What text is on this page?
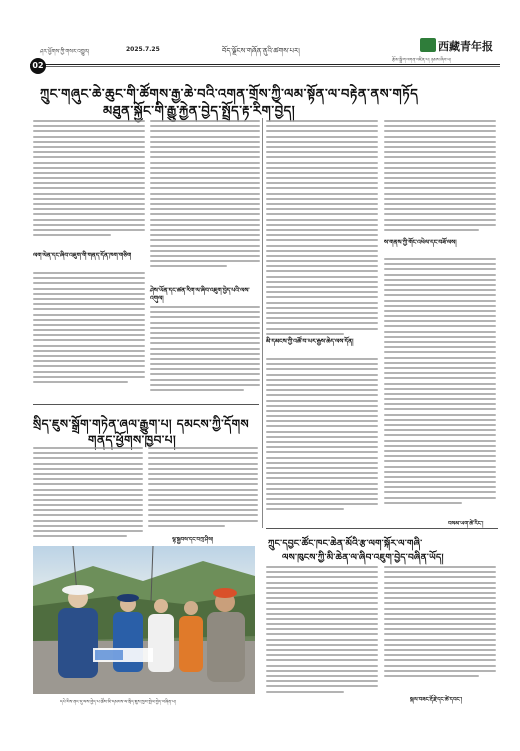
ཤར་ཕྱོགས་ཀྱི་གསར་འགྱུར།	2025.7.25	བོད་ལྗོངས་གཞོན་ནུའི་ཚགས་པར།	西藏青年报
རྩོམ་སྒྲིག་འགན་འཛིན་པ། ཉམས་ཞིབ་པ།
02
ཀྲུང་གཞུང་ཆེ་ཆུང་གི་ཚོགས་རྒྱ་ཆེ་བའི་འགན་གྲོས་ཀྱི་ལམ་སྟོན་ལ་བརྟེན་ནས་གཏོད
མཐུན་སྐྱོང་གི་རྒྱུ་རྐྱེན་བྱེད་སྤྲོད་རྟ་རིག་བྱེད།
ལག་ལེན་དང་ཞིབ་འཇུག་གི་གནད་དོན་ཁག་གཅིག
ཤེས་ཡོན་དང་ཚན་རིག་ལ་ཞིབ་འཇུག་བྱེད་པའི་ལས་འགུལ།
མི་དམངས་ཀྱི་འཚོ་བ་ཡར་རྒྱས་ཆེད་ལས་དོན།
ས་གནས་ཀྱི་གོང་འཕེལ་དང་བཟོ་ལས།
བསམ་ཡག་ཚེ་རིང་།
སྲིད་ཇུས་སྒྲོག་གཏེན་ཞལ་རྒྱུག་པ། དམངས་ཀྱི་དོགས
གནད་ཕྱོགས་ཁྱབ་པ།
ལྷ་སྐྱབས་དང་བཀྲ་ཤིས།
དཔེ་རིས་ནང་དུ་ལས་བྱེད་པ་ཚོས་མི་དམངས་ལ་སྲིད་ཇུས་ཁྱབ་སྤེལ་བྱེད་བཞིན་པ།
ཀྲུང་དབྱང་ཚོང་ཁང་ཆེན་མོའི་རྩ་ལག་སྐོར་ལ་གཞི་
ལས་ཁུངས་ཀྱི་མི་ཆེན་ལ་ཞིབ་འཇུག་བྱེད་བཞིན་ཡོད།
སྐལ་བཟང་རྡོ་རྗེ་དང་ཚེ་དབང་།
